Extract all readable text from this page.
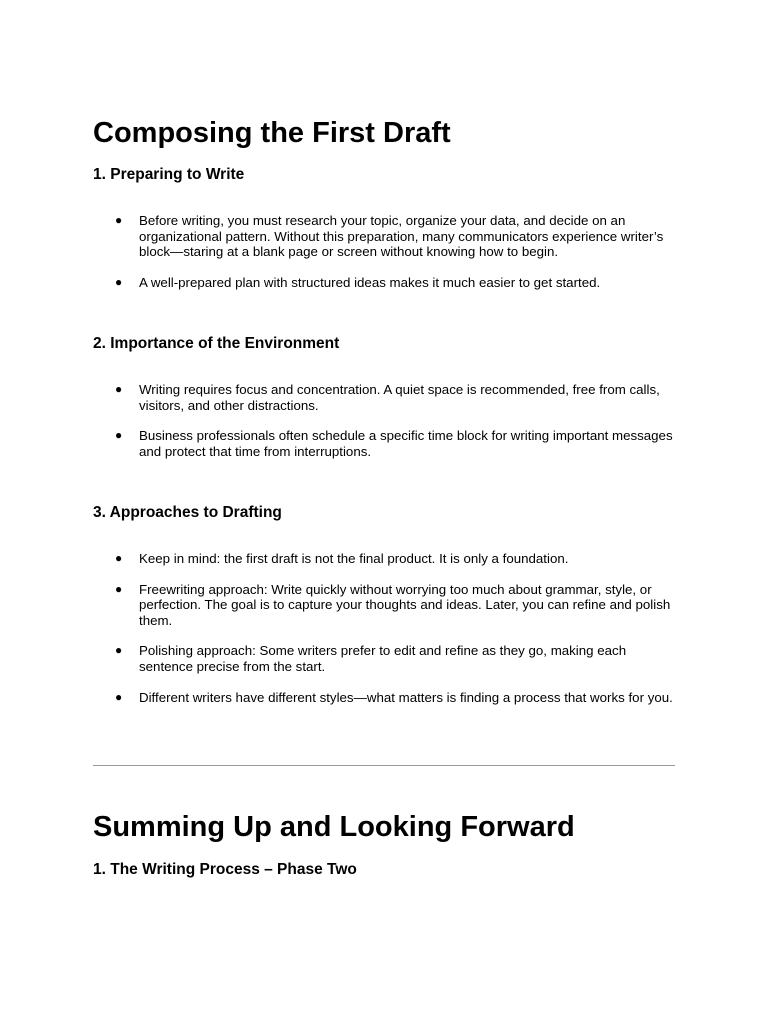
Composing the First Draft
1. Preparing to Write
● Before writing, you must research your topic, organize your data, and decide on an organizational pattern. Without this preparation, many communicators experience writer’s block—staring at a blank page or screen without knowing how to begin.
● A well-prepared plan with structured ideas makes it much easier to get started.
2. Importance of the Environment
● Writing requires focus and concentration. A quiet space is recommended, free from calls, visitors, and other distractions.
● Business professionals often schedule a specific time block for writing important messages and protect that time from interruptions.
3. Approaches to Drafting
● Keep in mind: the first draft is not the final product. It is only a foundation.
● Freewriting approach: Write quickly without worrying too much about grammar, style, or perfection. The goal is to capture your thoughts and ideas. Later, you can refine and polish them.
● Polishing approach: Some writers prefer to edit and refine as they go, making each sentence precise from the start.
● Different writers have different styles—what matters is finding a process that works for you.
Summing Up and Looking Forward
1. The Writing Process – Phase Two
